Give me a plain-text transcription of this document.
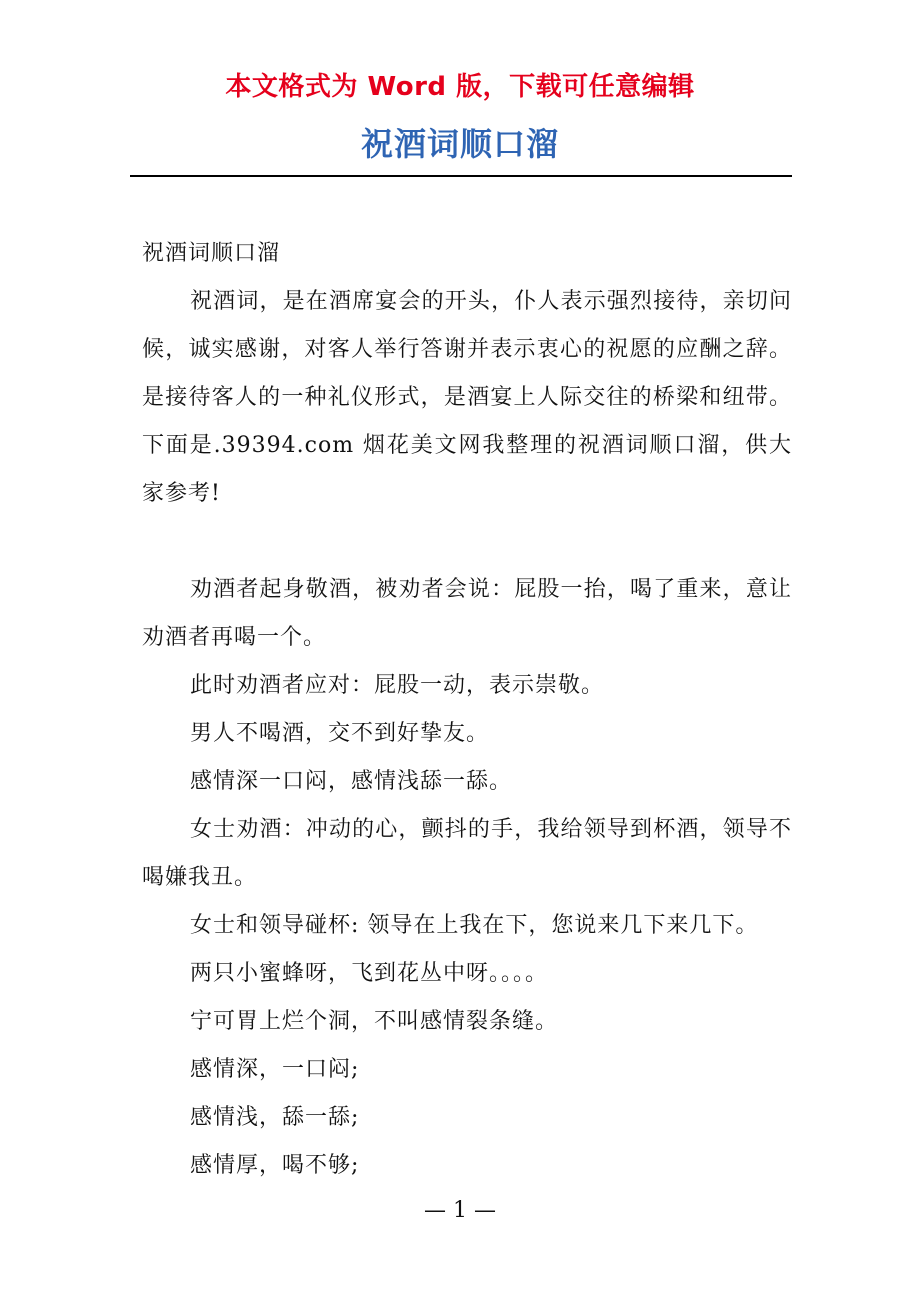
本文格式为 Word 版，下载可任意编辑
祝酒词顺口溜

祝酒词顺口溜

祝酒词，是在酒席宴会的开头，仆人表示强烈接待，亲切问候，诚实感谢，对客人举行答谢并表示衷心的祝愿的应酬之辞。是接待客人的一种礼仪形式，是酒宴上人际交往的桥梁和纽带。下面是.39394.com 烟花美文网我整理的祝酒词顺口溜，供大家参考!

劝酒者起身敬酒，被劝者会说：屁股一抬，喝了重来，意让劝酒者再喝一个。

此时劝酒者应对：屁股一动，表示崇敬。

男人不喝酒，交不到好挚友。

感情深一口闷，感情浅舔一舔。

女士劝酒：冲动的心，颤抖的手，我给领导到杯酒，领导不喝嫌我丑。

女士和领导碰杯: 领导在上我在下，您说来几下来几下。

两只小蜜蜂呀，飞到花丛中呀。。。。

宁可胃上烂个洞，不叫感情裂条缝。

感情深，一口闷;

感情浅，舔一舔;

感情厚，喝不够;

— 1 —
